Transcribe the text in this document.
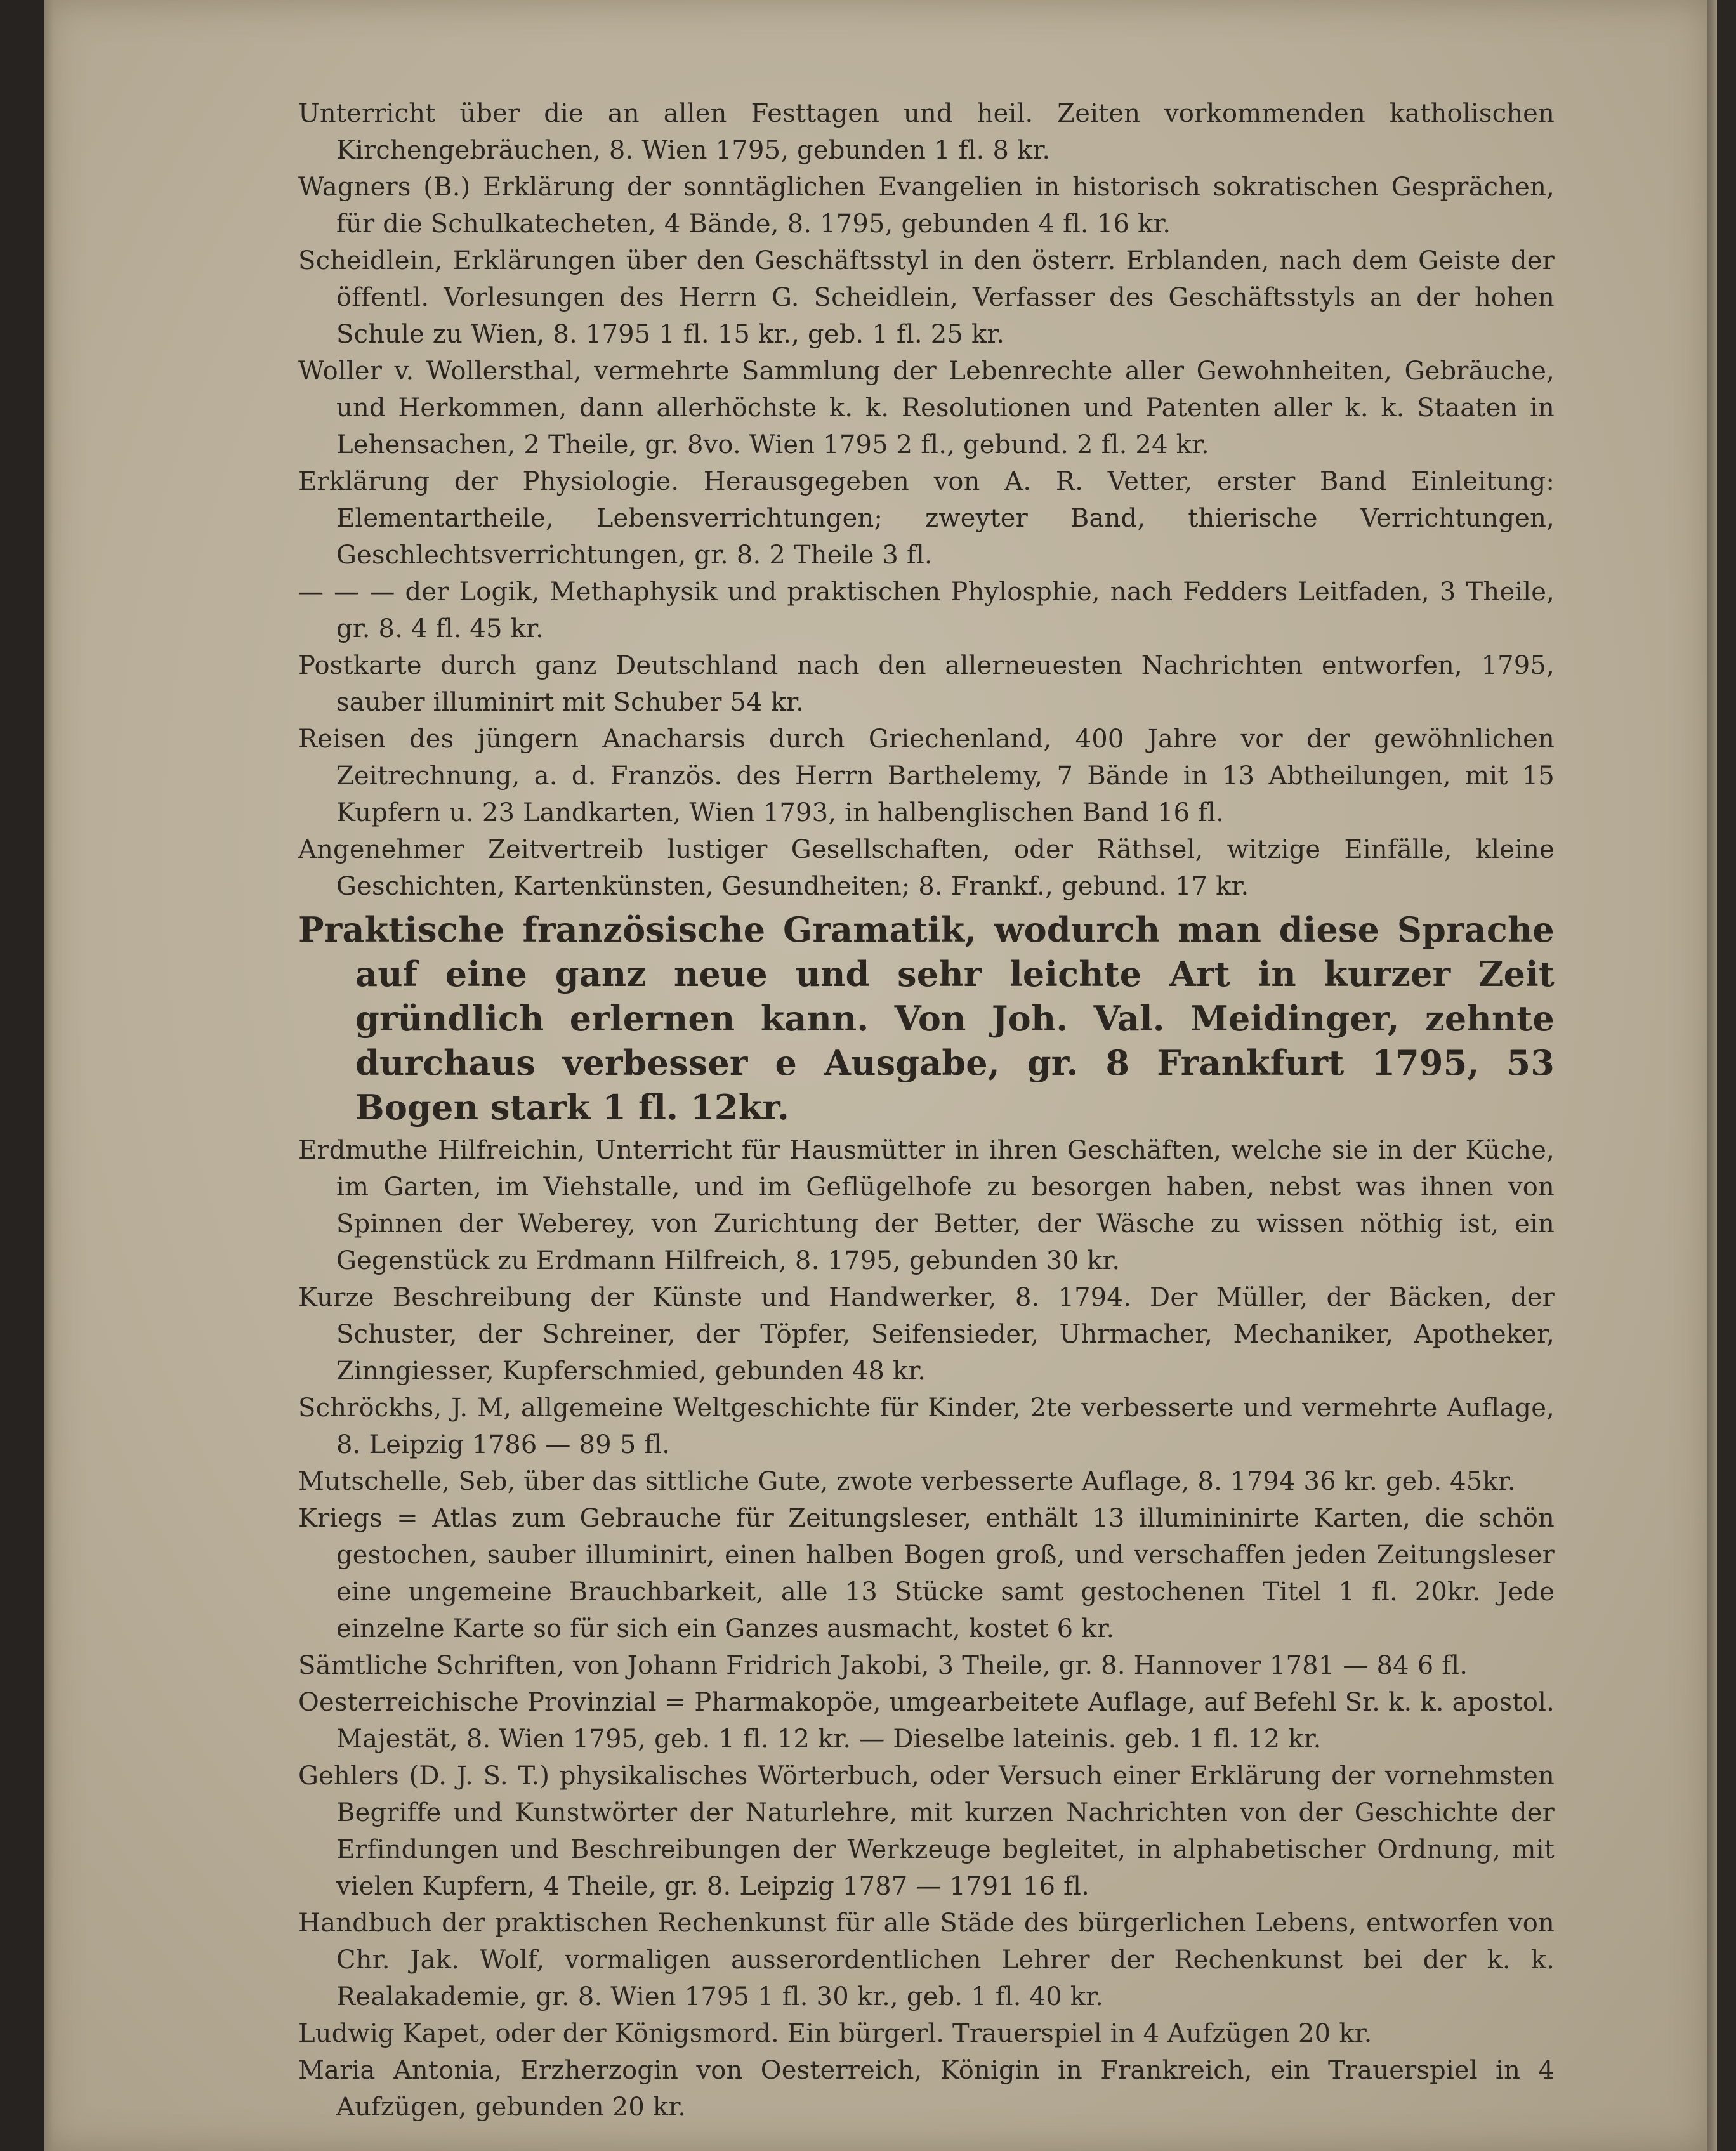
Unterricht über die an allen Festtagen und heil. Zeiten vorkommenden katholischen Kirchengebräuchen, 8. Wien 1795, gebunden 1 fl. 8 kr.

Wagners (B.) Erklärung der sonntäglichen Evangelien in historisch sokratischen Gesprächen, für die Schulkatecheten, 4 Bände, 8. 1795, gebunden 4 fl. 16 kr.

Scheidlein, Erklärungen über den Geschäftsstyl in den österr. Erblanden, nach dem Geiste der öffentl. Vorlesungen des Herrn G. Scheidlein, Verfasser des Geschäftsstyls an der hohen Schule zu Wien, 8. 1795 1 fl. 15 kr., geb. 1 fl. 25 kr.

Woller v. Wollersthal, vermehrte Sammlung der Lebenrechte aller Gewohnheiten, Gebräuche, und Herkommen, dann allerhöchste k. k. Resolutionen und Patenten aller k. k. Staaten in Lehensachen, 2 Theile, gr. 8vo. Wien 1795 2 fl., gebund. 2 fl. 24 kr.

Erklärung der Physiologie. Herausgegeben von A. R. Vetter, erster Band Einleitung: Elementartheile, Lebensverrichtungen; zweyter Band, thierische Verrichtungen, Geschlechtsverrichtungen, gr. 8. 2 Theile 3 fl.

— — — der Logik, Methaphysik und praktischen Phylosphie, nach Fedders Leitfaden, 3 Theile, gr. 8. 4 fl. 45 kr.

Postkarte durch ganz Deutschland nach den allerneuesten Nachrichten entworfen, 1795, sauber illuminirt mit Schuber 54 kr.

Reisen des jüngern Anacharsis durch Griechenland, 400 Jahre vor der gewöhnlichen Zeitrechnung, a. d. Französ. des Herrn Barthelemy, 7 Bände in 13 Abtheilungen, mit 15 Kupfern u. 23 Landkarten, Wien 1793, in halbenglischen Band 16 fl.

Angenehmer Zeitvertreib lustiger Gesellschaften, oder Räthsel, witzige Einfälle, kleine Geschichten, Kartenkünsten, Gesundheiten; 8. Frankf., gebund. 17 kr.

Praktische französische Gramatik, wodurch man diese Sprache auf eine ganz neue und sehr leichte Art in kurzer Zeit gründlich erlernen kann. Von Joh. Val. Meidinger, zehnte durchaus verbesser e Ausgabe, gr. 8 Frankfurt 1795, 53 Bogen stark 1 fl. 12kr.

Erdmuthe Hilfreichin, Unterricht für Hausmütter in ihren Geschäften, welche sie in der Küche, im Garten, im Viehstalle, und im Geflügelhofe zu besorgen haben, nebst was ihnen von Spinnen der Weberey, von Zurichtung der Better, der Wäsche zu wissen nöthig ist, ein Gegenstück zu Erdmann Hilfreich, 8. 1795, gebunden 30 kr.

Kurze Beschreibung der Künste und Handwerker, 8. 1794. Der Müller, der Bäcken, der Schuster, der Schreiner, der Töpfer, Seifensieder, Uhrmacher, Mechaniker, Apotheker, Zinngiesser, Kupferschmied, gebunden 48 kr.

Schröckhs, J. M, allgemeine Weltgeschichte für Kinder, 2te verbesserte und vermehrte Auflage, 8. Leipzig 1786 — 89 5 fl.

Mutschelle, Seb, über das sittliche Gute, zwote verbesserte Auflage, 8. 1794 36 kr. geb. 45kr.

Kriegs = Atlas zum Gebrauche für Zeitungsleser, enthält 13 illumininirte Karten, die schön gestochen, sauber illuminirt, einen halben Bogen groß, und verschaffen jeden Zeitungsleser eine ungemeine Brauchbarkeit, alle 13 Stücke samt gestochenen Titel 1 fl. 20kr. Jede einzelne Karte so für sich ein Ganzes ausmacht, kostet 6 kr.

Sämtliche Schriften, von Johann Fridrich Jakobi, 3 Theile, gr. 8. Hannover 1781 — 84 6 fl.

Oesterreichische Provinzial = Pharmakopöe, umgearbeitete Auflage, auf Befehl Sr. k. k. apostol. Majestät, 8. Wien 1795, geb. 1 fl. 12 kr. — Dieselbe lateinis. geb. 1 fl. 12 kr.

Gehlers (D. J. S. T.) physikalisches Wörterbuch, oder Versuch einer Erklärung der vornehmsten Begriffe und Kunstwörter der Naturlehre, mit kurzen Nachrichten von der Geschichte der Erfindungen und Beschreibungen der Werkzeuge begleitet, in alphabetischer Ordnung, mit vielen Kupfern, 4 Theile, gr. 8. Leipzig 1787 — 1791 16 fl.

Handbuch der praktischen Rechenkunst für alle Städe des bürgerlichen Lebens, entworfen von Chr. Jak. Wolf, vormaligen ausserordentlichen Lehrer der Rechenkunst bei der k. k. Realakademie, gr. 8. Wien 1795 1 fl. 30 kr., geb. 1 fl. 40 kr.

Ludwig Kapet, oder der Königsmord. Ein bürgerl. Trauerspiel in 4 Aufzügen 20 kr.

Maria Antonia, Erzherzogin von Oesterreich, Königin in Frankreich, ein Trauerspiel in 4 Aufzügen, gebunden 20 kr.
